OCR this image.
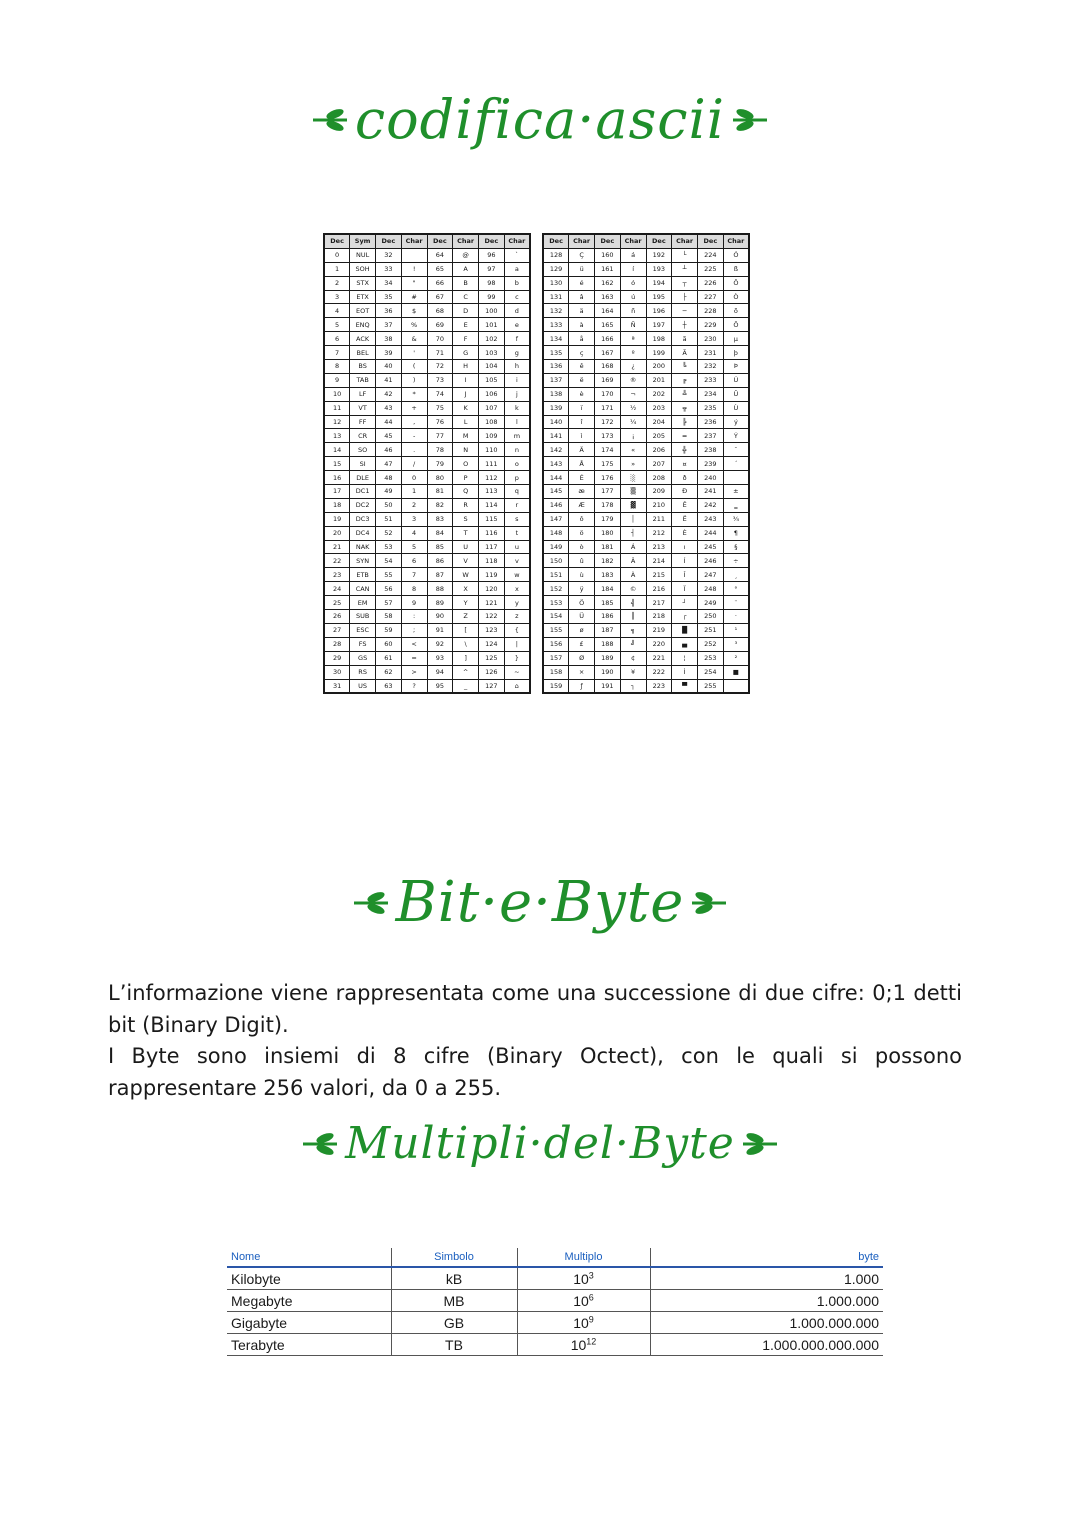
codifica·ascii
Dec	Sym	Dec	Char	Dec	Char	Dec	Char
0	NUL	32		64	@	96	`
1	SOH	33	!	65	A	97	a
2	STX	34	"	66	B	98	b
3	ETX	35	#	67	C	99	c
4	EOT	36	$	68	D	100	d
5	ENQ	37	%	69	E	101	e
6	ACK	38	&	70	F	102	f
7	BEL	39	'	71	G	103	g
8	BS	40	(	72	H	104	h
9	TAB	41	)	73	I	105	i
10	LF	42	*	74	J	106	j
11	VT	43	+	75	K	107	k
12	FF	44	,	76	L	108	l
13	CR	45	-	77	M	109	m
14	SO	46	.	78	N	110	n
15	SI	47	/	79	O	111	o
16	DLE	48	0	80	P	112	p
17	DC1	49	1	81	Q	113	q
18	DC2	50	2	82	R	114	r
19	DC3	51	3	83	S	115	s
20	DC4	52	4	84	T	116	t
21	NAK	53	5	85	U	117	u
22	SYN	54	6	86	V	118	v
23	ETB	55	7	87	W	119	w
24	CAN	56	8	88	X	120	x
25	EM	57	9	89	Y	121	y
26	SUB	58	:	90	Z	122	z
27	ESC	59	;	91	[	123	{
28	FS	60	<	92	\	124	|
29	GS	61	=	93	]	125	}
30	RS	62	>	94	^	126	~
31	US	63	?	95	_	127	⌂
Dec	Char	Dec	Char	Dec	Char	Dec	Char
128	Ç	160	á	192	└	224	Ó
129	ü	161	í	193	┴	225	ß
130	é	162	ó	194	┬	226	Ô
131	â	163	ú	195	├	227	Ò
132	ä	164	ñ	196	─	228	õ
133	à	165	Ñ	197	┼	229	Õ
134	å	166	ª	198	ã	230	µ
135	ç	167	º	199	Ã	231	þ
136	ê	168	¿	200	╚	232	Þ
137	ë	169	®	201	╔	233	Ú
138	è	170	¬	202	╩	234	Û
139	ï	171	½	203	╦	235	Ù
140	î	172	¼	204	╠	236	ý
141	ì	173	¡	205	═	237	Ý
142	Ä	174	«	206	╬	238	¯
143	Å	175	»	207	¤	239	´
144	É	176	░	208	ð	240	
145	æ	177	▒	209	Ð	241	±
146	Æ	178	▓	210	Ê	242	‗
147	ô	179	│	211	Ë	243	¾
148	ö	180	┤	212	È	244	¶
149	ò	181	Á	213	ı	245	§
150	û	182	Â	214	Í	246	÷
151	ù	183	À	215	Î	247	¸
152	ÿ	184	©	216	Ï	248	°
153	Ö	185	╣	217	┘	249	¨
154	Ü	186	║	218	┌	250	·
155	ø	187	╗	219	█	251	¹
156	£	188	╝	220	▄	252	³
157	Ø	189	¢	221	¦	253	²
158	×	190	¥	222	Ì	254	■
159	ƒ	191	┐	223	▀	255	
Bit·e·Byte

L’informazione viene rappresentata come una successione di due cifre: 0;1 detti bit (Binary Digit).

I Byte sono insiemi di 8 cifre (Binary Octect), con le quali si possono rappresentare 256 valori, da 0 a 255.

Multipli·del·Byte
Nome	Simbolo	Multiplo	byte
Kilobyte	kB	$10^3$	1.000
Megabyte	MB	$10^6$	1.000.000
Gigabyte	GB	$10^9$	1.000.000.000
Terabyte	TB	$10^{12}$	1.000.000.000.000
